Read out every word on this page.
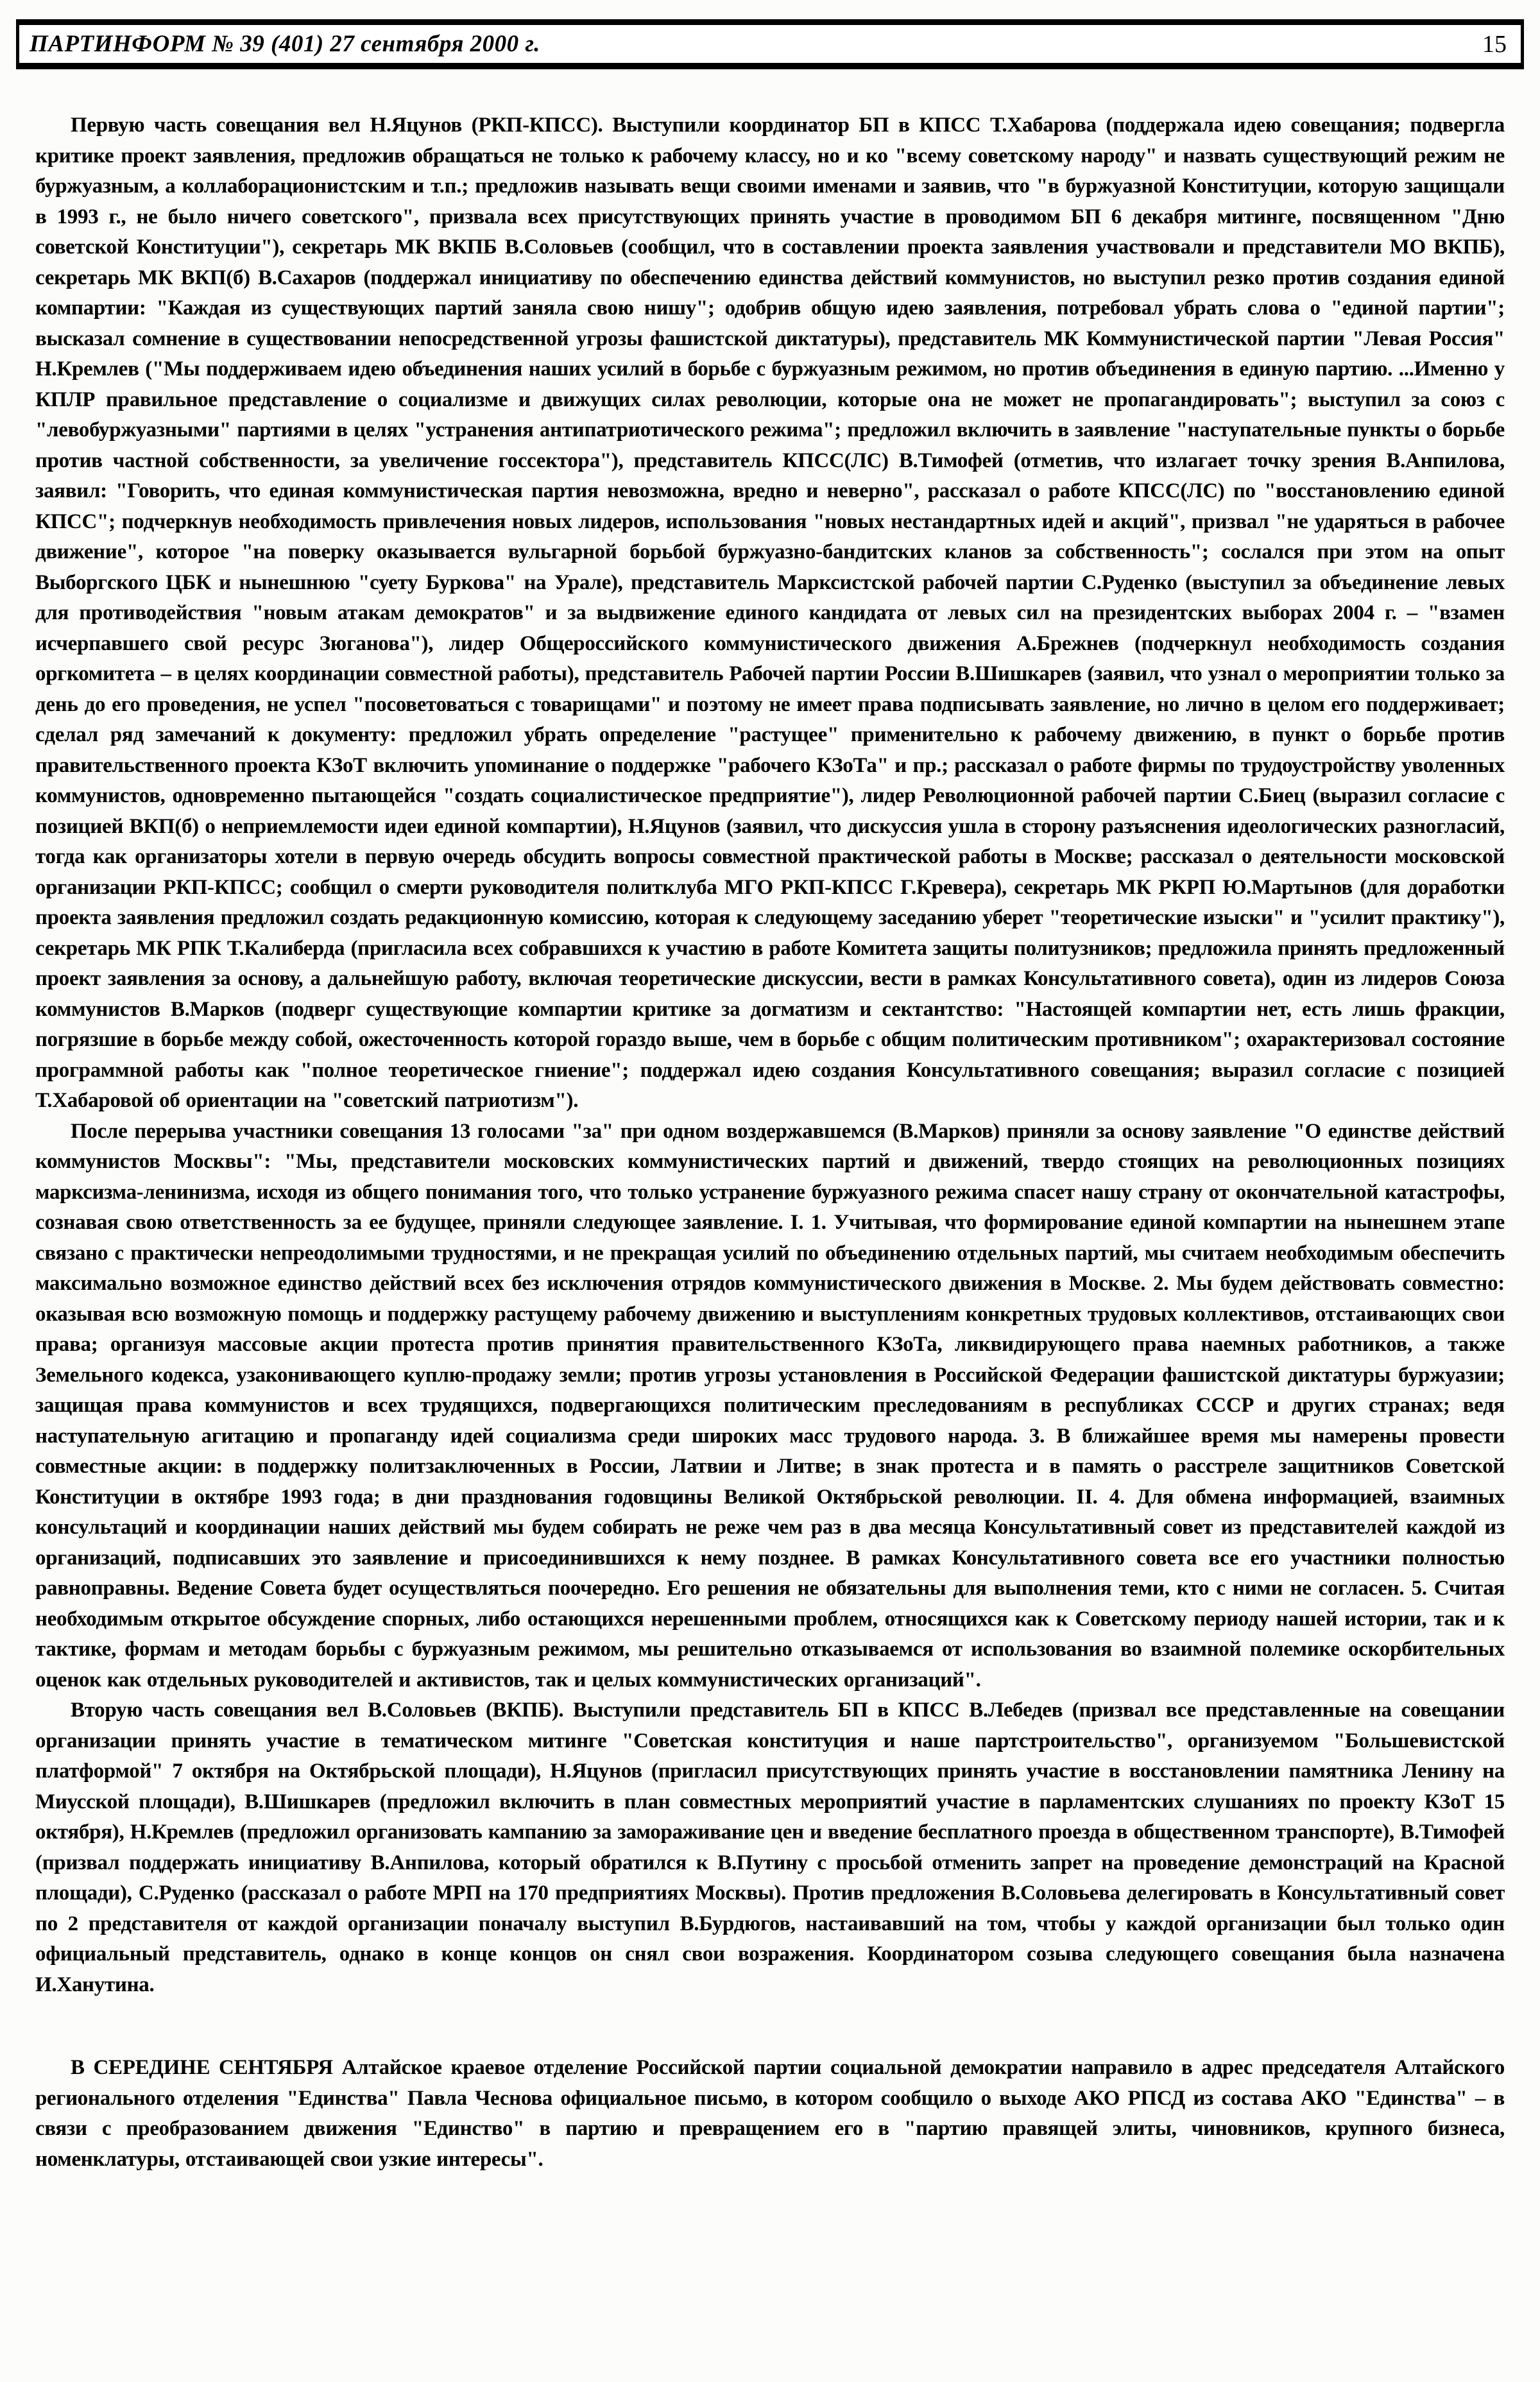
ПАРТИНФОРМ № 39 (401) 27 сентября 2000 г.	15

Первую часть совещания вел Н.Яцунов (РКП-КПСС). Выступили координатор БП в КПСС Т.Хабарова (поддержала идею совещания; подвергла критике проект заявления, предложив обращаться не только к рабочему классу, но и ко "всему советскому народу" и назвать существующий режим не буржуазным, а коллаборационистским и т.п.; предложив называть вещи своими именами и заявив, что "в буржуазной Конституции, которую защищали в 1993 г., не было ничего советского", призвала всех присутствующих принять участие в проводимом БП 6 декабря митинге, посвященном "Дню советской Конституции"), секретарь МК ВКПБ В.Соловьев (сообщил, что в составлении проекта заявления участвовали и представители МО ВКПБ), секретарь МК ВКП(б) В.Сахаров (поддержал инициативу по обеспечению единства действий коммунистов, но выступил резко против создания единой компартии: "Каждая из существующих партий заняла свою нишу"; одобрив общую идею заявления, потребовал убрать слова о "единой партии"; высказал сомнение в существовании непосредственной угрозы фашистской диктатуры), представитель МК Коммунистической партии "Левая Россия" Н.Кремлев ("Мы поддерживаем идею объединения наших усилий в борьбе с буржуазным режимом, но против объединения в единую партию. ...Именно у КПЛР правильное представление о социализме и движущих силах революции, которые она не может не пропагандировать"; выступил за союз с "левобуржуазными" партиями в целях "устранения антипатриотического режима"; предложил включить в заявление "наступательные пункты о борьбе против частной собственности, за увеличение госсектора"), представитель КПСС(ЛС) В.Тимофей (отметив, что излагает точку зрения В.Анпилова, заявил: "Говорить, что единая коммунистическая партия невозможна, вредно и неверно", рассказал о работе КПСС(ЛС) по "восстановлению единой КПСС"; подчеркнув необходимость привлечения новых лидеров, использования "новых нестандартных идей и акций", призвал "не ударяться в рабочее движение", которое "на поверку оказывается вульгарной борьбой буржуазно-бандитских кланов за собственность"; сослался при этом на опыт Выборгского ЦБК и нынешнюю "суету Буркова" на Урале), представитель Марксистской рабочей партии С.Руденко (выступил за объединение левых для противодействия "новым атакам демократов" и за выдвижение единого кандидата от левых сил на президентских выборах 2004 г. – "взамен исчерпавшего свой ресурс Зюганова"), лидер Общероссийского коммунистического движения А.Брежнев (подчеркнул необходимость создания оргкомитета – в целях координации совместной работы), представитель Рабочей партии России В.Шишкарев (заявил, что узнал о мероприятии только за день до его проведения, не успел "посоветоваться с товарищами" и поэтому не имеет права подписывать заявление, но лично в целом его поддерживает; сделал ряд замечаний к документу: предложил убрать определение "растущее" применительно к рабочему движению, в пункт о борьбе против правительственного проекта КЗоТ включить упоминание о поддержке "рабочего КЗоТа" и пр.; рассказал о работе фирмы по трудоустройству уволенных коммунистов, одновременно пытающейся "создать социалистическое предприятие"), лидер Революционной рабочей партии С.Биец (выразил согласие с позицией ВКП(б) о неприемлемости идеи единой компартии), Н.Яцунов (заявил, что дискуссия ушла в сторону разъяснения идеологических разногласий, тогда как организаторы хотели в первую очередь обсудить вопросы совместной практической работы в Москве; рассказал о деятельности московской организации РКП-КПСС; сообщил о смерти руководителя политклуба МГО РКП-КПСС Г.Кревера), секретарь МК РКРП Ю.Мартынов (для доработки проекта заявления предложил создать редакционную комиссию, которая к следующему заседанию уберет "теоретические изыски" и "усилит практику"), секретарь МК РПК Т.Калиберда (пригласила всех собравшихся к участию в работе Комитета защиты политузников; предложила принять предложенный проект заявления за основу, а дальнейшую работу, включая теоретические дискуссии, вести в рамках Консультативного совета), один из лидеров Союза коммунистов В.Марков (подверг существующие компартии критике за догматизм и сектантство: "Настоящей компартии нет, есть лишь фракции, погрязшие в борьбе между собой, ожесточенность которой гораздо выше, чем в борьбе с общим политическим противником"; охарактеризовал состояние программной работы как "полное теоретическое гниение"; поддержал идею создания Консультативного совещания; выразил согласие с позицией Т.Хабаровой об ориентации на "советский патриотизм").

После перерыва участники совещания 13 голосами "за" при одном воздержавшемся (В.Марков) приняли за основу заявление "О единстве действий коммунистов Москвы": "Мы, представители московских коммунистических партий и движений, твердо стоящих на революционных позициях марксизма-ленинизма, исходя из общего понимания того, что только устранение буржуазного режима спасет нашу страну от окончательной катастрофы, сознавая свою ответственность за ее будущее, приняли следующее заявление. I. 1. Учитывая, что формирование единой компартии на нынешнем этапе связано с практически непреодолимыми трудностями, и не прекращая усилий по объединению отдельных партий, мы считаем необходимым обеспечить максимально возможное единство действий всех без исключения отрядов коммунистического движения в Москве. 2. Мы будем действовать совместно: оказывая всю возможную помощь и поддержку растущему рабочему движению и выступлениям конкретных трудовых коллективов, отстаивающих свои права; организуя массовые акции протеста против принятия правительственного КЗоТа, ликвидирующего права наемных работников, а также Земельного кодекса, узаконивающего куплю-продажу земли; против угрозы установления в Российской Федерации фашистской диктатуры буржуазии; защищая права коммунистов и всех трудящихся, подвергающихся политическим преследованиям в республиках СССР и других странах; ведя наступательную агитацию и пропаганду идей социализма среди широких масс трудового народа. 3. В ближайшее время мы намерены провести совместные акции: в поддержку политзаключенных в России, Латвии и Литве; в знак протеста и в память о расстреле защитников Советской Конституции в октябре 1993 года; в дни празднования годовщины Великой Октябрьской революции. II. 4. Для обмена информацией, взаимных консультаций и координации наших действий мы будем собирать не реже чем раз в два месяца Консультативный совет из представителей каждой из организаций, подписавших это заявление и присоединившихся к нему позднее. В рамках Консультативного совета все его участники полностью равноправны. Ведение Совета будет осуществляться поочередно. Его решения не обязательны для выполнения теми, кто с ними не согласен. 5. Считая необходимым открытое обсуждение спорных, либо остающихся нерешенными проблем, относящихся как к Советскому периоду нашей истории, так и к тактике, формам и методам борьбы с буржуазным режимом, мы решительно отказываемся от использования во взаимной полемике оскорбительных оценок как отдельных руководителей и активистов, так и целых коммунистических организаций".

Вторую часть совещания вел В.Соловьев (ВКПБ). Выступили представитель БП в КПСС В.Лебедев (призвал все представленные на совещании организации принять участие в тематическом митинге "Советская конституция и наше партстроительство", организуемом "Большевистской платформой" 7 октября на Октябрьской площади), Н.Яцунов (пригласил присутствующих принять участие в восстановлении памятника Ленину на Миусской площади), В.Шишкарев (предложил включить в план совместных мероприятий участие в парламентских слушаниях по проекту КЗоТ 15 октября), Н.Кремлев (предложил организовать кампанию за замораживание цен и введение бесплатного проезда в общественном транспорте), В.Тимофей (призвал поддержать инициативу В.Анпилова, который обратился к В.Путину с просьбой отменить запрет на проведение демонстраций на Красной площади), С.Руденко (рассказал о работе МРП на 170 предприятиях Москвы). Против предложения В.Соловьева делегировать в Консультативный совет по 2 представителя от каждой организации поначалу выступил В.Бурдюгов, настаивавший на том, чтобы у каждой организации был только один официальный представитель, однако в конце концов он снял свои возражения. Координатором созыва следующего совещания была назначена И.Ханутина.

В СЕРЕДИНЕ СЕНТЯБРЯ Алтайское краевое отделение Российской партии социальной демократии направило в адрес председателя Алтайского регионального отделения "Единства" Павла Чеснова официальное письмо, в котором сообщило о выходе АКО РПСД из состава АКО "Единства" – в связи с преобразованием движения "Единство" в партию и превращением его в "партию правящей элиты, чиновников, крупного бизнеса, номенклатуры, отстаивающей свои узкие интересы".
